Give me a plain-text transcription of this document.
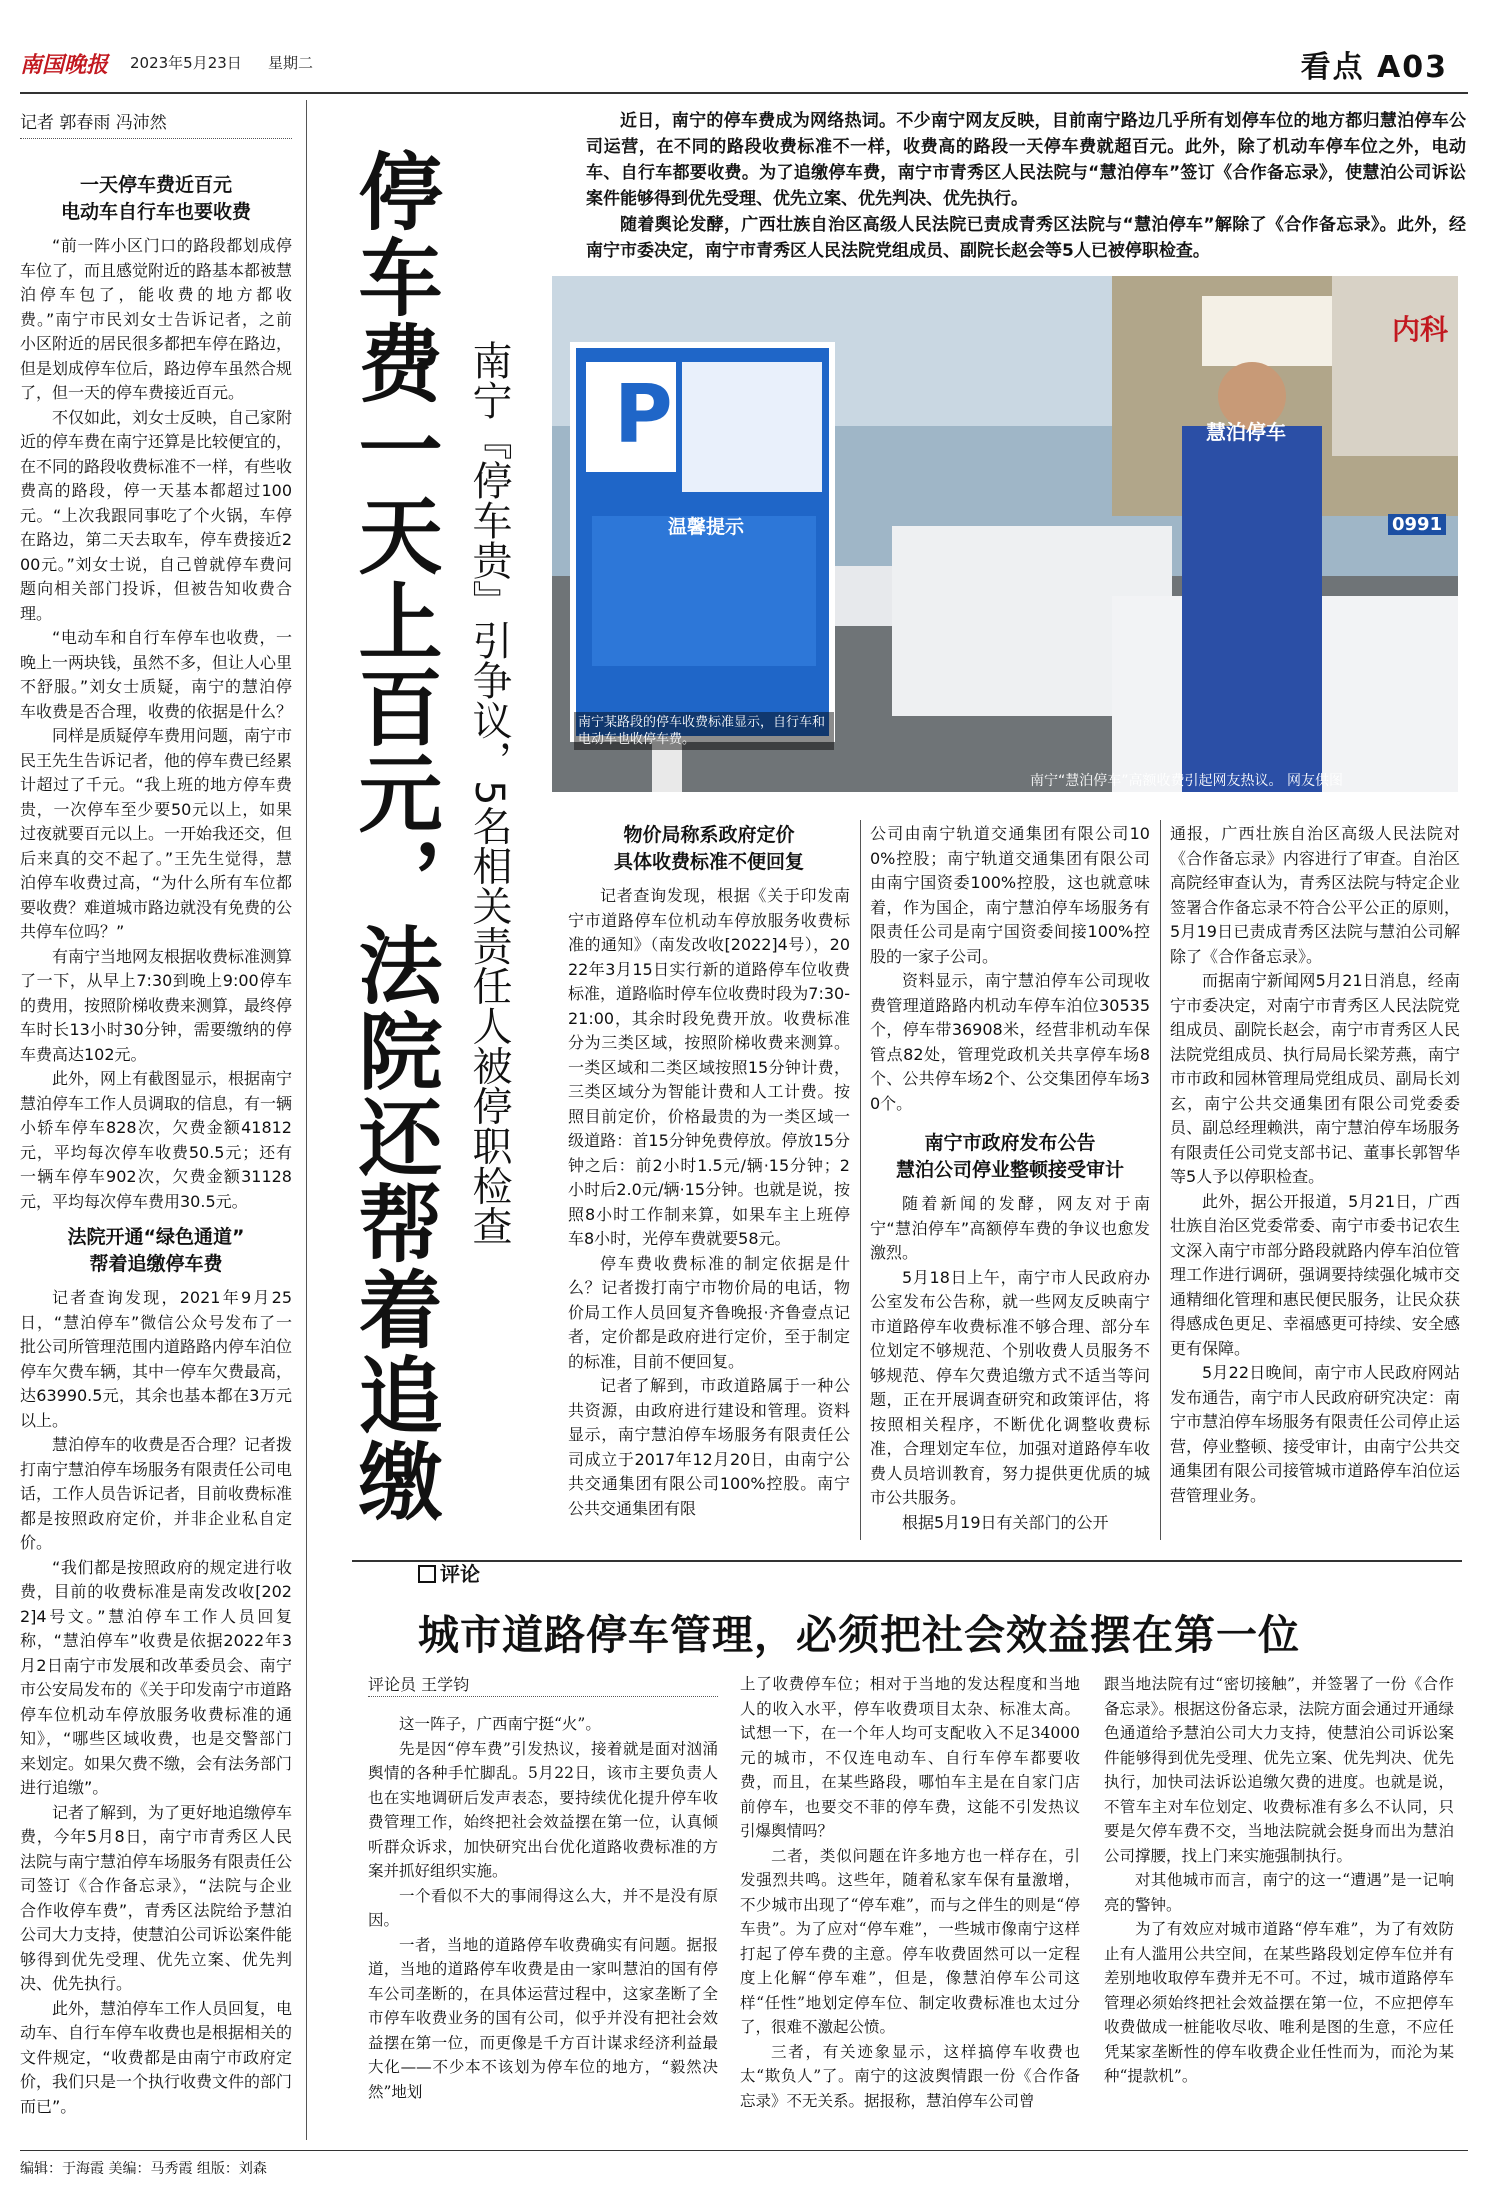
南国晚报 2023年5月23日 星期二	看点 A03
记者 郭春雨 冯沛然
一天停车费近百元
电动车自行车也要收费

“前一阵小区门口的路段都划成停车位了，而且感觉附近的路基本都被慧泊停车包了，能收费的地方都收费。”南宁市民刘女士告诉记者，之前小区附近的居民很多都把车停在路边，但是划成停车位后，路边停车虽然合规了，但一天的停车费接近百元。

不仅如此，刘女士反映，自己家附近的停车费在南宁还算是比较便宜的，在不同的路段收费标准不一样，有些收费高的路段，停一天基本都超过100元。“上次我跟同事吃了个火锅，车停在路边，第二天去取车，停车费接近200元。”刘女士说，自己曾就停车费问题向相关部门投诉，但被告知收费合理。

“电动车和自行车停车也收费，一晚上一两块钱，虽然不多，但让人心里不舒服。”刘女士质疑，南宁的慧泊停车收费是否合理，收费的依据是什么？

同样是质疑停车费用问题，南宁市民王先生告诉记者，他的停车费已经累计超过了千元。“我上班的地方停车费贵，一次停车至少要50元以上，如果过夜就要百元以上。一开始我还交，但后来真的交不起了。”王先生觉得，慧泊停车收费过高，“为什么所有车位都要收费？难道城市路边就没有免费的公共停车位吗？”

有南宁当地网友根据收费标准测算了一下，从早上7:30到晚上9:00停车的费用，按照阶梯收费来测算，最终停车时长13小时30分钟，需要缴纳的停车费高达102元。

此外，网上有截图显示，根据南宁慧泊停车工作人员调取的信息，有一辆小轿车停车828次，欠费金额41812元，平均每次停车收费50.5元；还有一辆车停车902次，欠费金额31128元，平均每次停车费用30.5元。

法院开通“绿色通道”
帮着追缴停车费

记者查询发现，2021年9月25日，“慧泊停车”微信公众号发布了一批公司所管理范围内道路路内停车泊位停车欠费车辆，其中一停车欠费最高，达63990.5元，其余也基本都在3万元以上。

慧泊停车的收费是否合理？记者拨打南宁慧泊停车场服务有限责任公司电话，工作人员告诉记者，目前收费标准都是按照政府定价，并非企业私自定价。

“我们都是按照政府的规定进行收费，目前的收费标准是南发改收[2022]4号文。”慧泊停车工作人员回复称，“慧泊停车”收费是依据2022年3月2日南宁市发展和改革委员会、南宁市公安局发布的《关于印发南宁市道路停车位机动车停放服务收费标准的通知》，“哪些区域收费，也是交警部门来划定。如果欠费不缴，会有法务部门进行追缴”。

记者了解到，为了更好地追缴停车费，今年5月8日，南宁市青秀区人民法院与南宁慧泊停车场服务有限责任公司签订《合作备忘录》，“法院与企业合作收停车费”，青秀区法院给予慧泊公司大力支持，使慧泊公司诉讼案件能够得到优先受理、优先立案、优先判决、优先执行。

此外，慧泊停车工作人员回复，电动车、自行车停车收费也是根据相关的文件规定，“收费都是由南宁市政府定价，我们只是一个执行收费文件的部门而已”。

停车费一天上百元，法院还帮着追缴 南宁『停车贵』引争议，5名相关责任人被停职检查

近日，南宁的停车费成为网络热词。不少南宁网友反映，目前南宁路边几乎所有划停车位的地方都归慧泊停车公司运营，在不同的路段收费标准不一样，收费高的路段一天停车费就超百元。此外，除了机动车停车位之外，电动车、自行车都要收费。为了追缴停车费，南宁市青秀区人民法院与“慧泊停车”签订《合作备忘录》，使慧泊公司诉讼案件能够得到优先受理、优先立案、优先判决、优先执行。

随着舆论发酵，广西壮族自治区高级人民法院已责成青秀区法院与“慧泊停车”解除了《合作备忘录》。此外，经南宁市委决定，南宁市青秀区人民法院党组成员、副院长赵会等5人已被停职检查。

P
温馨提示
慧泊停车
0991
内科
南宁某路段的停车收费标准显示，自行车和电动车也收停车费。
南宁“慧泊停车”高额收费引起网友热议。 网友供图
物价局称系政府定价
具体收费标准不便回复

记者查询发现，根据《关于印发南宁市道路停车位机动车停放服务收费标准的通知》（南发改收[2022]4号），2022年3月15日实行新的道路停车位收费标准，道路临时停车位收费时段为7:30-21:00，其余时段免费开放。收费标准分为三类区域，按照阶梯收费来测算。一类区域和二类区域按照15分钟计费，三类区域分为智能计费和人工计费。按照目前定价，价格最贵的为一类区域一级道路：首15分钟免费停放。停放15分钟之后：前2小时1.5元/辆·15分钟；2小时后2.0元/辆·15分钟。也就是说，按照8小时工作制来算，如果车主上班停车8小时，光停车费就要58元。

停车费收费标准的制定依据是什么？记者拨打南宁市物价局的电话，物价局工作人员回复齐鲁晚报·齐鲁壹点记者，定价都是政府进行定价，至于制定的标准，目前不便回复。

记者了解到，市政道路属于一种公共资源，由政府进行建设和管理。资料显示，南宁慧泊停车场服务有限责任公司成立于2017年12月20日，由南宁公共交通集团有限公司100%控股。南宁公共交通集团有限

公司由南宁轨道交通集团有限公司100%控股；南宁轨道交通集团有限公司由南宁国资委100%控股，这也就意味着，作为国企，南宁慧泊停车场服务有限责任公司是南宁国资委间接100%控股的一家子公司。

资料显示，南宁慧泊停车公司现收费管理道路路内机动车停车泊位30535个，停车带36908米，经营非机动车保管点82处，管理党政机关共享停车场8个、公共停车场2个、公交集团停车场30个。

南宁市政府发布公告
慧泊公司停业整顿接受审计

随着新闻的发酵，网友对于南宁“慧泊停车”高额停车费的争议也愈发激烈。

5月18日上午，南宁市人民政府办公室发布公告称，就一些网友反映南宁市道路停车收费标准不够合理、部分车位划定不够规范、个别收费人员服务不够规范、停车欠费追缴方式不适当等问题，正在开展调查研究和政策评估，将按照相关程序，不断优化调整收费标准，合理划定车位，加强对道路停车收费人员培训教育，努力提供更优质的城市公共服务。

根据5月19日有关部门的公开

通报，广西壮族自治区高级人民法院对《合作备忘录》内容进行了审查。自治区高院经审查认为，青秀区法院与特定企业签署合作备忘录不符合公平公正的原则，5月19日已责成青秀区法院与慧泊公司解除了《合作备忘录》。

而据南宁新闻网5月21日消息，经南宁市委决定，对南宁市青秀区人民法院党组成员、副院长赵会，南宁市青秀区人民法院党组成员、执行局局长梁芳燕，南宁市市政和园林管理局党组成员、副局长刘玄，南宁公共交通集团有限公司党委委员、副总经理赖洪，南宁慧泊停车场服务有限责任公司党支部书记、董事长郭智华等5人予以停职检查。

此外，据公开报道，5月21日，广西壮族自治区党委常委、南宁市委书记农生文深入南宁市部分路段就路内停车泊位管理工作进行调研，强调要持续强化城市交通精细化管理和惠民便民服务，让民众获得感成色更足、幸福感更可持续、安全感更有保障。

5月22日晚间，南宁市人民政府网站发布通告，南宁市人民政府研究决定：南宁市慧泊停车场服务有限责任公司停止运营，停业整顿、接受审计，由南宁公共交通集团有限公司接管城市道路停车泊位运营管理业务。

评论
城市道路停车管理，必须把社会效益摆在第一位
评论员 王学钧

这一阵子，广西南宁挺“火”。

先是因“停车费”引发热议，接着就是面对汹涌舆情的各种手忙脚乱。5月22日，该市主要负责人也在实地调研后发声表态，要持续优化提升停车收费管理工作，始终把社会效益摆在第一位，认真倾听群众诉求，加快研究出台优化道路收费标准的方案并抓好组织实施。

一个看似不大的事闹得这么大，并不是没有原因。

一者，当地的道路停车收费确实有问题。据报道，当地的道路停车收费是由一家叫慧泊的国有停车公司垄断的，在具体运营过程中，这家垄断了全市停车收费业务的国有公司，似乎并没有把社会效益摆在第一位，而更像是千方百计谋求经济利益最大化——不少本不该划为停车位的地方，“毅然决然”地划

上了收费停车位；相对于当地的发达程度和当地人的收入水平，停车收费项目太杂、标准太高。试想一下，在一个年人均可支配收入不足34000元的城市，不仅连电动车、自行车停车都要收费，而且，在某些路段，哪怕车主是在自家门店前停车，也要交不菲的停车费，这能不引发热议引爆舆情吗？

二者，类似问题在许多地方也一样存在，引发强烈共鸣。这些年，随着私家车保有量激增，不少城市出现了“停车难”，而与之伴生的则是“停车贵”。为了应对“停车难”，一些城市像南宁这样打起了停车费的主意。停车收费固然可以一定程度上化解“停车难”，但是，像慧泊停车公司这样“任性”地划定停车位、制定收费标准也太过分了，很难不激起公愤。

三者，有关迹象显示，这样搞停车收费也太“欺负人”了。南宁的这波舆情跟一份《合作备忘录》不无关系。据报称，慧泊停车公司曾

跟当地法院有过“密切接触”，并签署了一份《合作备忘录》。根据这份备忘录，法院方面会通过开通绿色通道给予慧泊公司大力支持，使慧泊公司诉讼案件能够得到优先受理、优先立案、优先判决、优先执行，加快司法诉讼追缴欠费的进度。也就是说，不管车主对车位划定、收费标准有多么不认同，只要是欠停车费不交，当地法院就会挺身而出为慧泊公司撑腰，找上门来实施强制执行。

对其他城市而言，南宁的这一“遭遇”是一记响亮的警钟。

为了有效应对城市道路“停车难”，为了有效防止有人滥用公共空间，在某些路段划定停车位并有差别地收取停车费并无不可。不过，城市道路停车管理必须始终把社会效益摆在第一位，不应把停车收费做成一桩能收尽收、唯利是图的生意，不应任凭某家垄断性的停车收费企业任性而为，而沦为某种“提款机”。

编辑：于海霞 美编：马秀霞 组版：刘森
